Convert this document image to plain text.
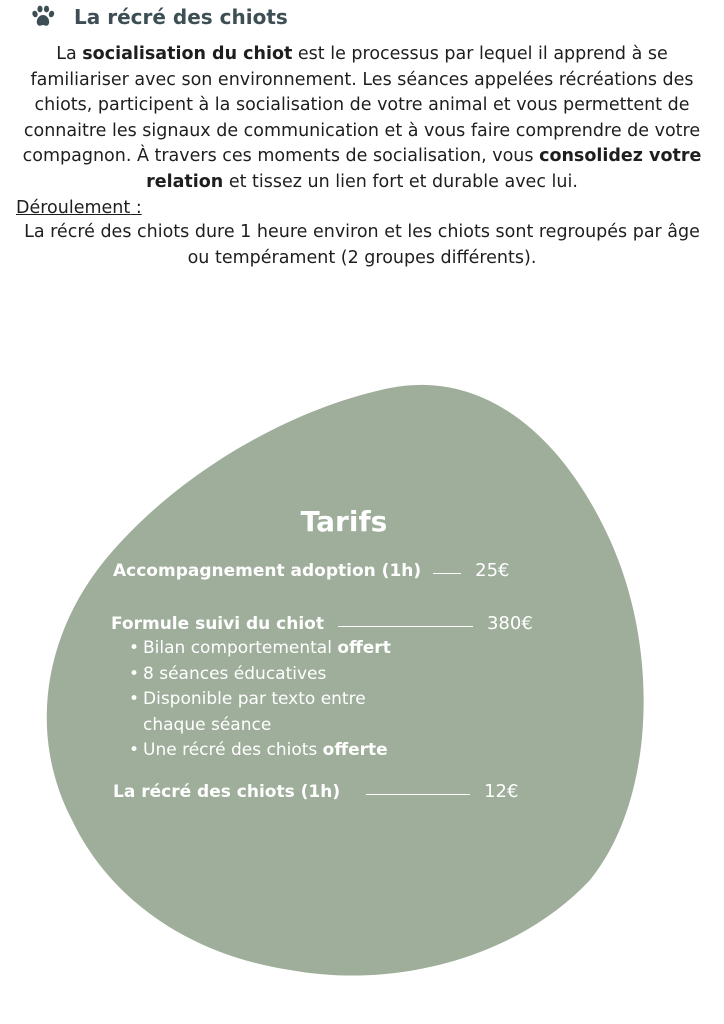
La récré des chiots

La socialisation du chiot est le processus par lequel il apprend à se familiariser avec son environnement. Les séances appelées récréations des chiots, participent à la socialisation de votre animal et vous permettent de connaitre les signaux de communication et à vous faire comprendre de votre compagnon. À travers ces moments de socialisation, vous consolidez votre relation et tissez un lien fort et durable avec lui.

Déroulement :

La récré des chiots dure 1 heure environ et les chiots sont regroupés par âge ou tempérament (2 groupes différents).

Tarifs
Accompagnement adoption (1h)	25€
Formule suivi du chiot	380€
• Bilan comportemental offert
• 8 séances éducatives
• Disponible par texto entre chaque séance
• Une récré des chiots offerte
La récré des chiots (1h)	12€
